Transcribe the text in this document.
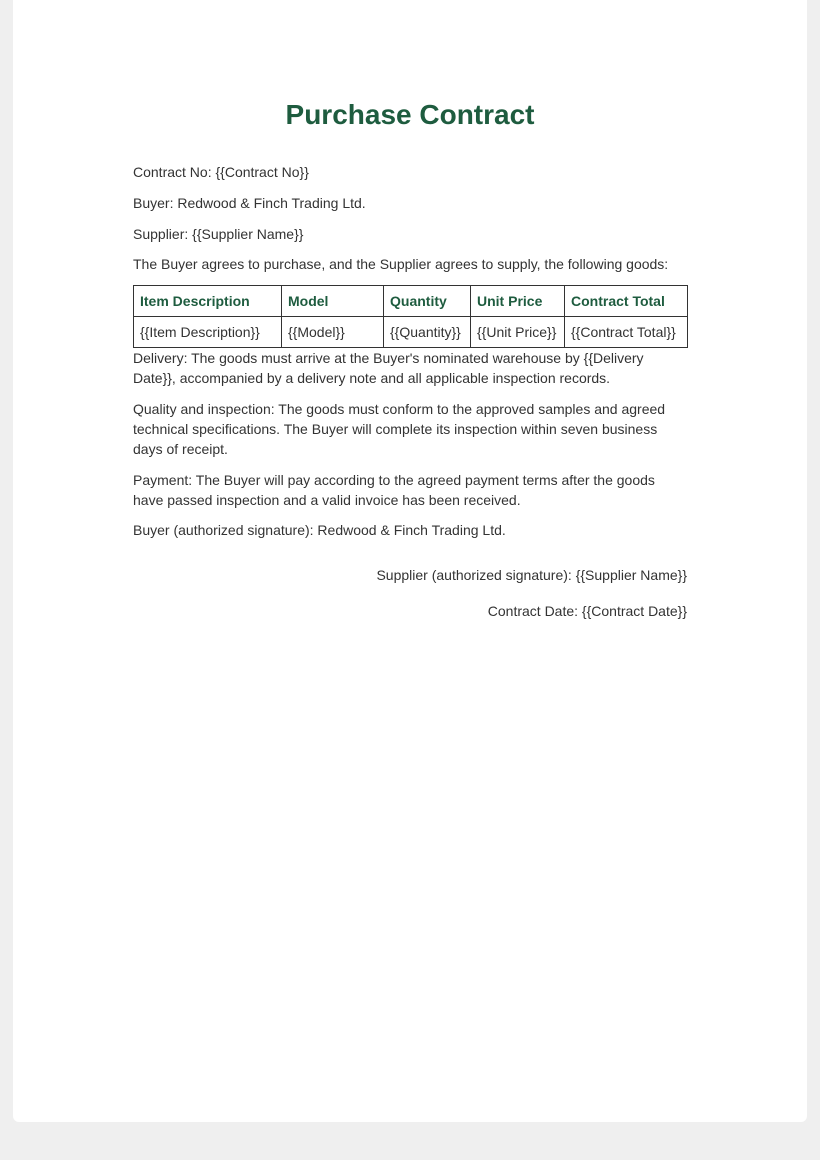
Purchase Contract

Contract No: {{Contract No}}

Buyer: Redwood & Finch Trading Ltd.

Supplier: {{Supplier Name}}

The Buyer agrees to purchase, and the Supplier agrees to supply, the following goods:

Item Description	Model	Quantity	Unit Price	Contract Total
{{Item Description}}	{{Model}}	{{Quantity}}	{{Unit Price}}	{{Contract Total}}

Delivery: The goods must arrive at the Buyer's nominated warehouse by {{Delivery Date}}, accompanied by a delivery note and all applicable inspection records.

Quality and inspection: The goods must conform to the approved samples and agreed technical specifications. The Buyer will complete its inspection within seven business days of receipt.

Payment: The Buyer will pay according to the agreed payment terms after the goods have passed inspection and a valid invoice has been received.

Buyer (authorized signature): Redwood & Finch Trading Ltd.

Supplier (authorized signature): {{Supplier Name}}

Contract Date: {{Contract Date}}
